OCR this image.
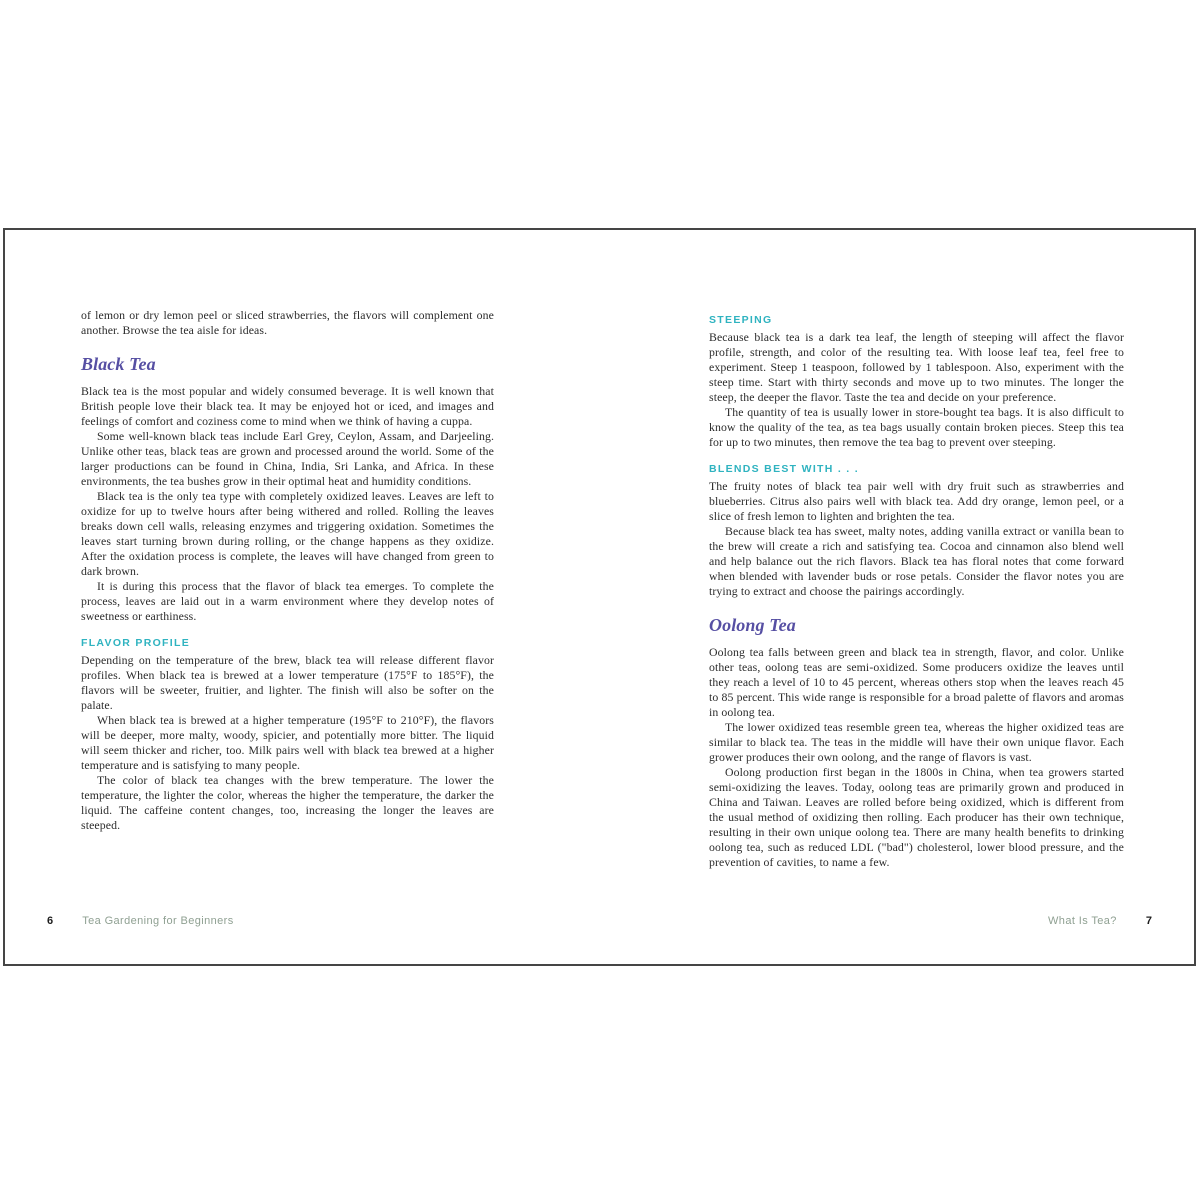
of lemon or dry lemon peel or sliced strawberries, the flavors will complement one another. Browse the tea aisle for ideas.

Black Tea

Black tea is the most popular and widely consumed beverage. It is well known that British people love their black tea. It may be enjoyed hot or iced, and images and feelings of comfort and coziness come to mind when we think of having a cuppa.

Some well-known black teas include Earl Grey, Ceylon, Assam, and Darjeeling. Unlike other teas, black teas are grown and processed around the world. Some of the larger productions can be found in China, India, Sri Lanka, and Africa. In these environments, the tea bushes grow in their optimal heat and humidity conditions.

Black tea is the only tea type with completely oxidized leaves. Leaves are left to oxidize for up to twelve hours after being withered and rolled. Rolling the leaves breaks down cell walls, releasing enzymes and triggering oxidation. Sometimes the leaves start turning brown during rolling, or the change happens as they oxidize. After the oxidation process is complete, the leaves will have changed from green to dark brown.

It is during this process that the flavor of black tea emerges. To complete the process, leaves are laid out in a warm environment where they develop notes of sweetness or earthiness.

FLAVOR PROFILE

Depending on the temperature of the brew, black tea will release different flavor profiles. When black tea is brewed at a lower temperature (175°F to 185°F), the flavors will be sweeter, fruitier, and lighter. The finish will also be softer on the palate.

When black tea is brewed at a higher temperature (195°F to 210°F), the flavors will be deeper, more malty, woody, spicier, and potentially more bitter. The liquid will seem thicker and richer, too. Milk pairs well with black tea brewed at a higher temperature and is satisfying to many people.

The color of black tea changes with the brew temperature. The lower the temperature, the lighter the color, whereas the higher the temperature, the darker the liquid. The caffeine content changes, too, increasing the longer the leaves are steeped.

STEEPING

Because black tea is a dark tea leaf, the length of steeping will affect the flavor profile, strength, and color of the resulting tea. With loose leaf tea, feel free to experiment. Steep 1 teaspoon, followed by 1 tablespoon. Also, experiment with the steep time. Start with thirty seconds and move up to two minutes. The longer the steep, the deeper the flavor. Taste the tea and decide on your preference.

The quantity of tea is usually lower in store-bought tea bags. It is also difficult to know the quality of the tea, as tea bags usually contain broken pieces. Steep this tea for up to two minutes, then remove the tea bag to prevent over steeping.

BLENDS BEST WITH . . .

The fruity notes of black tea pair well with dry fruit such as strawberries and blueberries. Citrus also pairs well with black tea. Add dry orange, lemon peel, or a slice of fresh lemon to lighten and brighten the tea.

Because black tea has sweet, malty notes, adding vanilla extract or vanilla bean to the brew will create a rich and satisfying tea. Cocoa and cinnamon also blend well and help balance out the rich flavors. Black tea has floral notes that come forward when blended with lavender buds or rose petals. Consider the flavor notes you are trying to extract and choose the pairings accordingly.

Oolong Tea

Oolong tea falls between green and black tea in strength, flavor, and color. Unlike other teas, oolong teas are semi-oxidized. Some producers oxidize the leaves until they reach a level of 10 to 45 percent, whereas others stop when the leaves reach 45 to 85 percent. This wide range is responsible for a broad palette of flavors and aromas in oolong tea.

The lower oxidized teas resemble green tea, whereas the higher oxidized teas are similar to black tea. The teas in the middle will have their own unique flavor. Each grower produces their own oolong, and the range of flavors is vast.

Oolong production first began in the 1800s in China, when tea growers started semi-oxidizing the leaves. Today, oolong teas are primarily grown and produced in China and Taiwan. Leaves are rolled before being oxidized, which is different from the usual method of oxidizing then rolling. Each producer has their own technique, resulting in their own unique oolong tea. There are many health benefits to drinking oolong tea, such as reduced LDL ("bad") cholesterol, lower blood pressure, and the prevention of cavities, to name a few.

6	Tea Gardening for Beginners	What Is Tea?	7
